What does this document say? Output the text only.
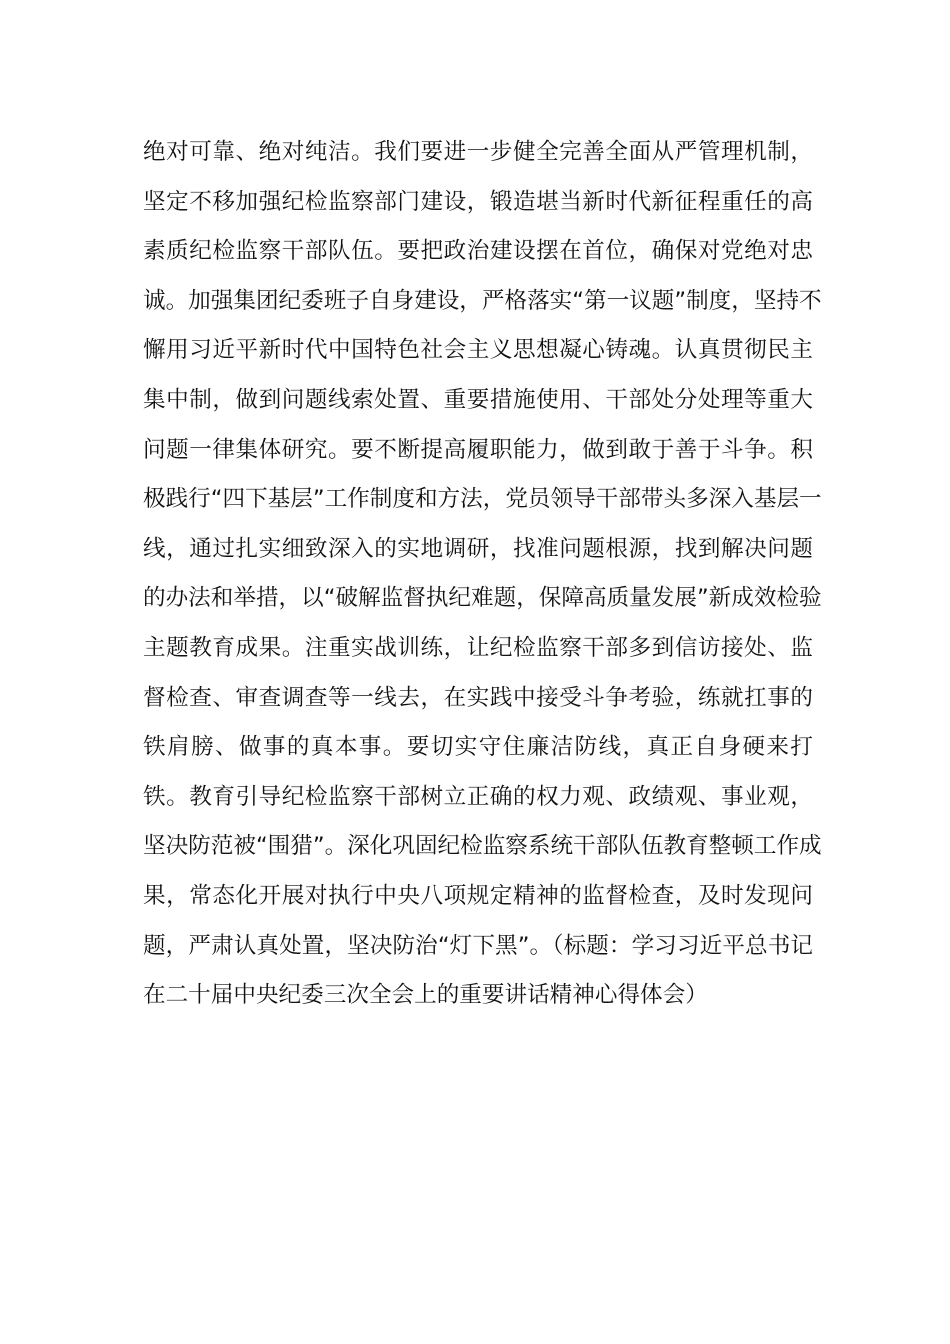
绝对可靠、绝对纯洁。我们要进一步健全完善全面从严管理机制，
坚定不移加强纪检监察部门建设，锻造堪当新时代新征程重任的高
素质纪检监察干部队伍。要把政治建设摆在首位，确保对党绝对忠
诚。加强集团纪委班子自身建设，严格落实“第一议题”制度，坚持不
懈用习近平新时代中国特色社会主义思想凝心铸魂。认真贯彻民主
集中制，做到问题线索处置、重要措施使用、干部处分处理等重大
问题一律集体研究。要不断提高履职能力，做到敢于善于斗争。积
极践行“四下基层”工作制度和方法，党员领导干部带头多深入基层一
线，通过扎实细致深入的实地调研，找准问题根源，找到解决问题
的办法和举措，以“破解监督执纪难题，保障高质量发展”新成效检验
主题教育成果。注重实战训练，让纪检监察干部多到信访接处、监
督检查、审查调查等一线去，在实践中接受斗争考验，练就扛事的
铁肩膀、做事的真本事。要切实守住廉洁防线，真正自身硬来打
铁。教育引导纪检监察干部树立正确的权力观、政绩观、事业观，
坚决防范被“围猎”。深化巩固纪检监察系统干部队伍教育整顿工作成
果，常态化开展对执行中央八项规定精神的监督检查，及时发现问
题，严肃认真处置，坚决防治“灯下黑”。（标题：学习习近平总书记
在二十届中央纪委三次全会上的重要讲话精神心得体会）
